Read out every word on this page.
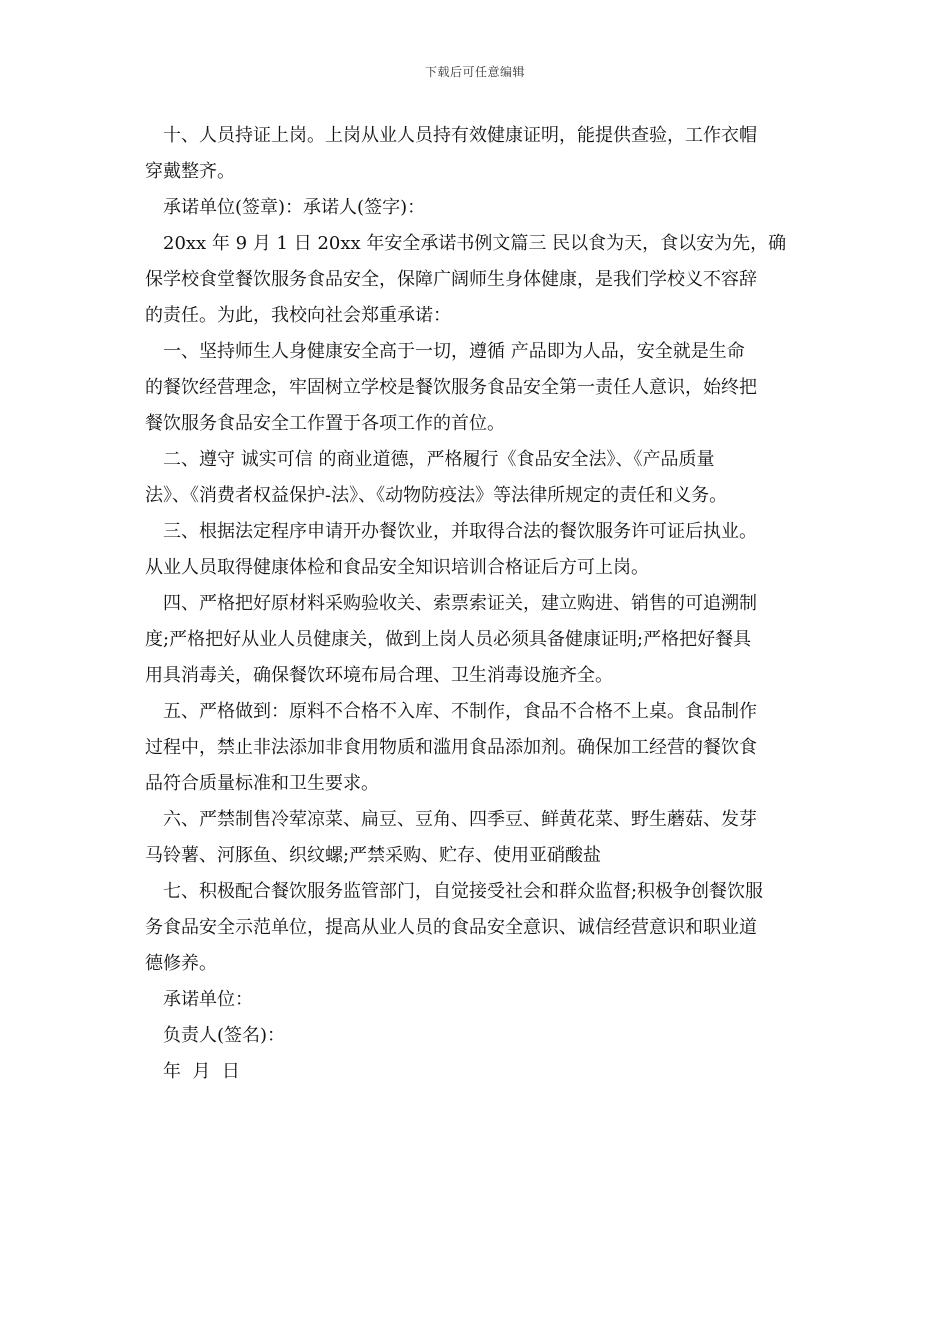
下载后可任意编辑
十、人员持证上岗。上岗从业人员持有效健康证明，能提供查验，工作衣帽
穿戴整齐。
承诺单位(签章)：承诺人(签字)：
20xx 年 9 月 1 日 20xx 年安全承诺书例文篇三 民以食为天，食以安为先，确
保学校食堂餐饮服务食品安全，保障广阔师生身体健康，是我们学校义不容辞
的责任。为此，我校向社会郑重承诺：
一、坚持师生人身健康安全高于一切，遵循 产品即为人品，安全就是生命
的餐饮经营理念，牢固树立学校是餐饮服务食品安全第一责任人意识，始终把
餐饮服务食品安全工作置于各项工作的首位。
二、遵守 诚实可信 的商业道德，严格履行《食品安全法》、《产品质量
法》、《消费者权益保护-法》、《动物防疫法》等法律所规定的责任和义务。
三、根据法定程序申请开办餐饮业，并取得合法的餐饮服务许可证后执业。
从业人员取得健康体检和食品安全知识培训合格证后方可上岗。
四、严格把好原材料采购验收关、索票索证关，建立购进、销售的可追溯制
度;严格把好从业人员健康关，做到上岗人员必须具备健康证明;严格把好餐具
用具消毒关，确保餐饮环境布局合理、卫生消毒设施齐全。
五、严格做到：原料不合格不入库、不制作，食品不合格不上桌。食品制作
过程中，禁止非法添加非食用物质和滥用食品添加剂。确保加工经营的餐饮食
品符合质量标准和卫生要求。
六、严禁制售冷荤凉菜、扁豆、豆角、四季豆、鲜黄花菜、野生蘑菇、发芽
马铃薯、河豚鱼、织纹螺;严禁采购、贮存、使用亚硝酸盐
七、积极配合餐饮服务监管部门，自觉接受社会和群众监督;积极争创餐饮服
务食品安全示范单位，提高从业人员的食品安全意识、诚信经营意识和职业道
德修养。
承诺单位：
负责人(签名)：
年  月  日
